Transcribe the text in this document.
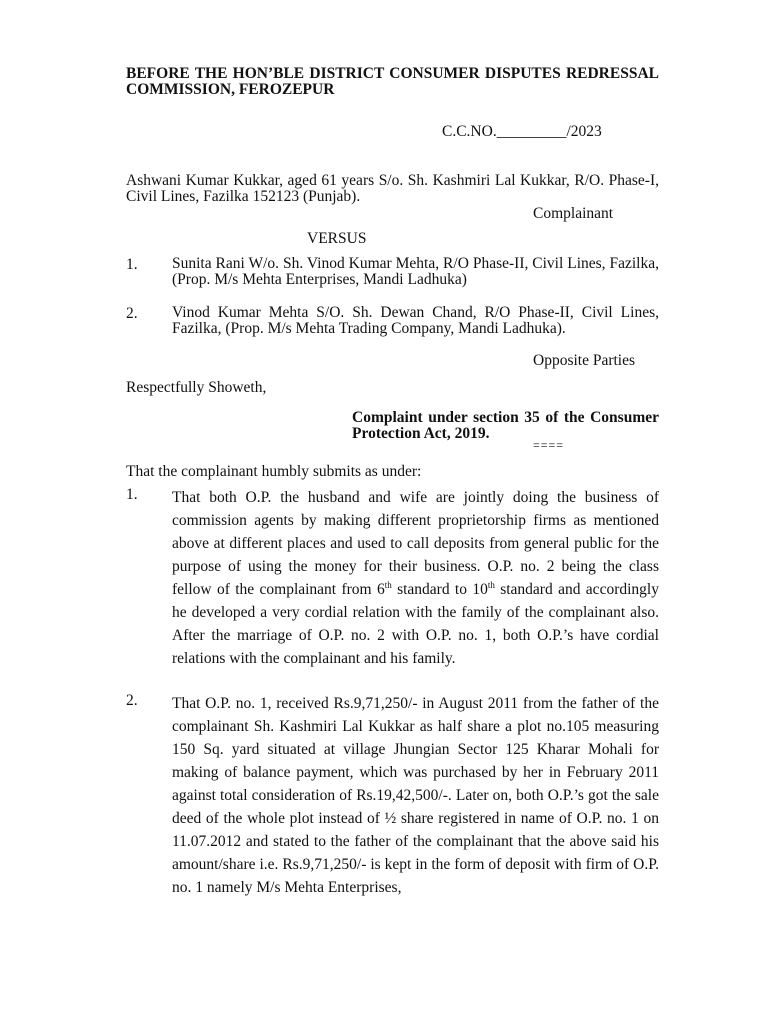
BEFORE THE HON’BLE DISTRICT CONSUMER DISPUTES REDRESSAL COMMISSION, FEROZEPUR
C.C.NO._________/2023
Ashwani Kumar Kukkar, aged 61 years S/o. Sh. Kashmiri Lal Kukkar, R/O. Phase-I, Civil Lines, Fazilka 152123 (Punjab).
Complainant
VERSUS
1. Sunita Rani W/o. Sh. Vinod Kumar Mehta, R/O Phase-II, Civil Lines, Fazilka, (Prop. M/s Mehta Enterprises, Mandi Ladhuka)
2. Vinod Kumar Mehta S/O. Sh. Dewan Chand, R/O Phase-II, Civil Lines, Fazilka, (Prop. M/s Mehta Trading Company, Mandi Ladhuka).
Opposite Parties
Respectfully Showeth,
Complaint under section 35 of the Consumer Protection Act, 2019.
====
That the complainant humbly submits as under:
1. That both O.P. the husband and wife are jointly doing the business of commission agents by making different proprietorship firms as mentioned above at different places and used to call deposits from general public for the purpose of using the money for their business. O.P. no. 2 being the class fellow of the complainant from 6th standard to 10th standard and accordingly he developed a very cordial relation with the family of the complainant also. After the marriage of O.P. no. 2 with O.P. no. 1, both O.P.’s have cordial relations with the complainant and his family.
2. That O.P. no. 1, received Rs.9,71,250/- in August 2011 from the father of the complainant Sh. Kashmiri Lal Kukkar as half share a plot no.105 measuring 150 Sq. yard situated at village Jhungian Sector 125 Kharar Mohali for making of balance payment, which was purchased by her in February 2011 against total consideration of Rs.19,42,500/-. Later on, both O.P.’s got the sale deed of the whole plot instead of ½ share registered in name of O.P. no. 1 on 11.07.2012 and stated to the father of the complainant that the above said his amount/share i.e. Rs.9,71,250/- is kept in the form of deposit with firm of O.P. no. 1 namely M/s Mehta Enterprises,
